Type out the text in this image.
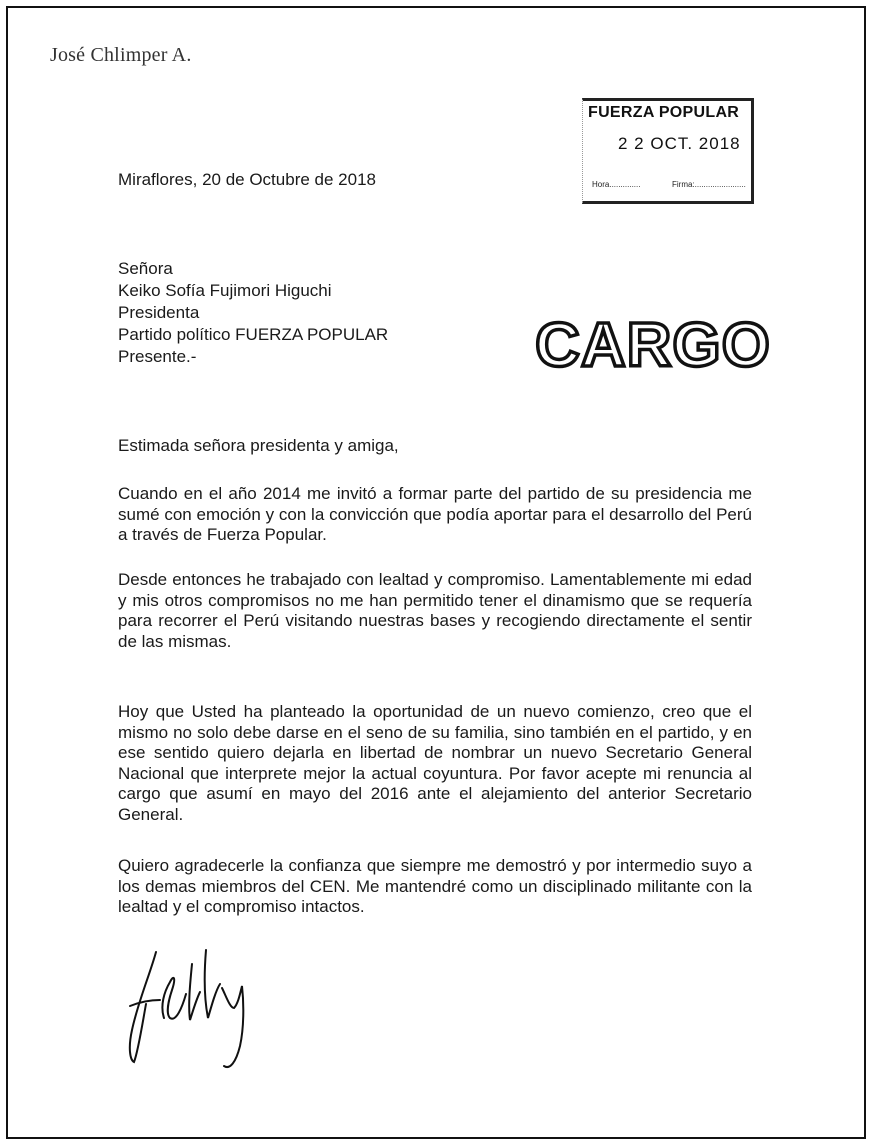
José Chlimper A.
FUERZA POPULAR
2 2 OCT. 2018
Hora..............	Firma:.......................
CARGO
Miraflores, 20 de Octubre de 2018
Señora
Keiko Sofía Fujimori Higuchi
Presidenta
Partido político FUERZA POPULAR
Presente.-
Estimada señora presidenta y amiga,
Cuando en el año 2014 me invitó a formar parte del partido de su presidencia me sumé con emoción y con la convicción que podía aportar para el desarrollo del Perú a través de Fuerza Popular.
Desde entonces he trabajado con lealtad y compromiso. Lamentablemente mi edad y mis otros compromisos no me han permitido tener el dinamismo que se requería para recorrer el Perú visitando nuestras bases y recogiendo directamente el sentir de las mismas.
Hoy que Usted ha planteado la oportunidad de un nuevo comienzo, creo que el mismo no solo debe darse en el seno de su familia, sino también en el partido, y en ese sentido quiero dejarla en libertad de nombrar un nuevo Secretario General Nacional que interprete mejor la actual coyuntura. Por favor acepte mi renuncia al cargo que asumí en mayo del 2016 ante el alejamiento del anterior Secretario General.
Quiero agradecerle la confianza que siempre me demostró y por intermedio suyo a los demas miembros del CEN. Me mantendré como un disciplinado militante con la lealtad y el compromiso intactos.
